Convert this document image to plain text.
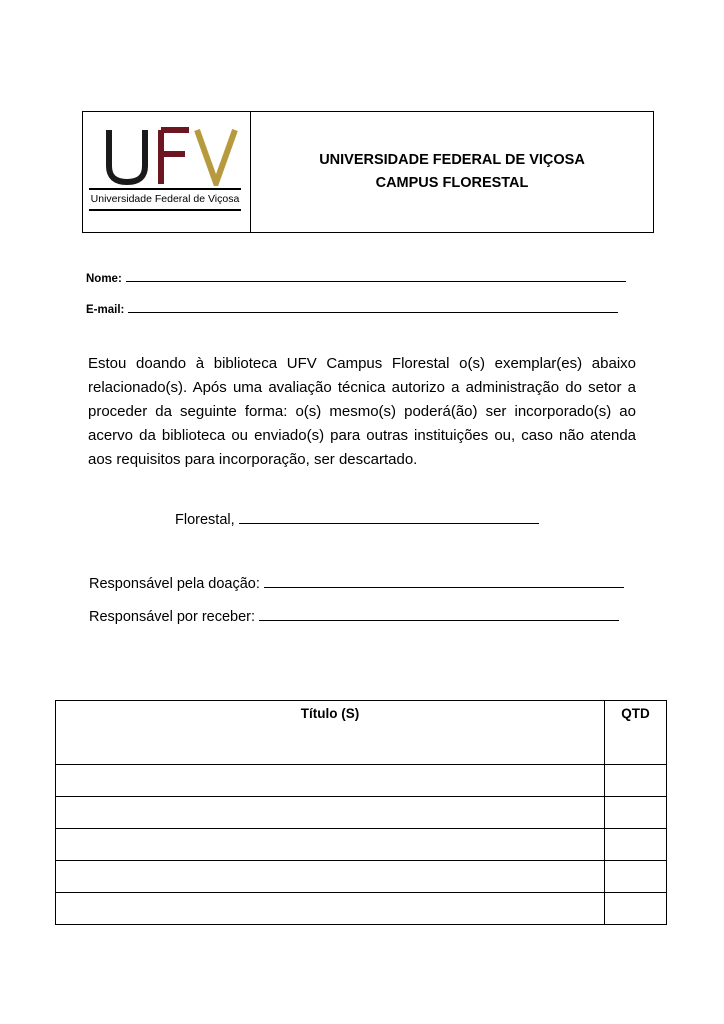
Universidade Federal de Viçosa
UNIVERSIDADE FEDERAL DE VIÇOSA
CAMPUS FLORESTAL
Nome:
E-mail:

Estou doando à biblioteca UFV Campus Florestal o(s) exemplar(es) abaixo relacionado(s). Após uma avaliação técnica autorizo a administração do setor a proceder da seguinte forma: o(s) mesmo(s) poderá(ão) ser incorporado(s) ao acervo da biblioteca ou enviado(s) para outras instituições ou, caso não atenda aos requisitos para incorporação, ser descartado.

Florestal,
Responsável pela doação:
Responsável por receber:
Título (S)	QTD
